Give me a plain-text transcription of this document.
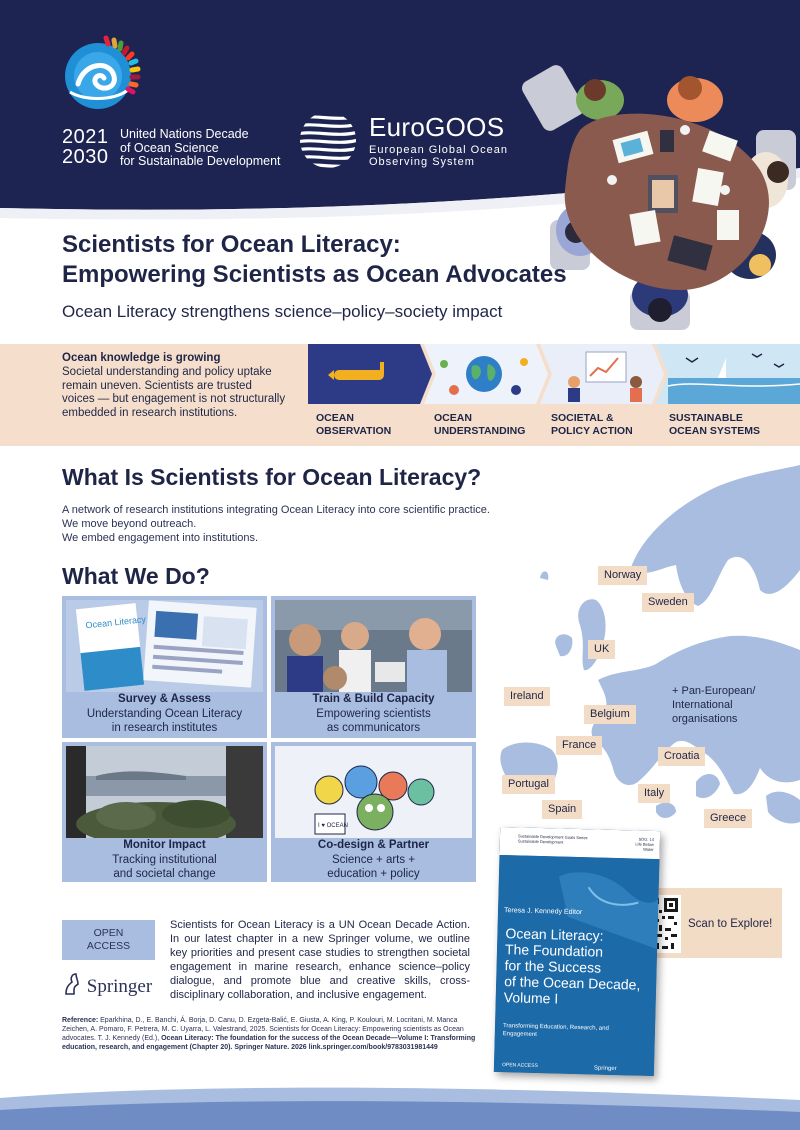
2021
2030
United Nations Decade
of Ocean Science
for Sustainable Development
EuroGOOS
European Global Ocean
Observing System
Scientists for Ocean Literacy:
Empowering Scientists as Ocean Advocates
Ocean Literacy strengthens science–policy–society impact
Ocean knowledge is growing
Societal understanding and policy uptake remain uneven. Scientists are trusted voices — but engagement is not structurally embedded in research institutions.	OCEAN
OBSERVATION
OCEAN
UNDERSTANDING
SOCIETAL &
POLICY ACTION
SUSTAINABLE
OCEAN SYSTEMS
Norway
Sweden
UK
Ireland
Belgium
France
Croatia
Portugal
Italy
Spain
Greece
+ Pan-European/
International
organisations
What Is Scientists for Ocean Literacy?
A network of research institutions integrating Ocean Literacy into core scientific practice.
We move beyond outreach.
We embed engagement into institutions.
What We Do?
Ocean Literacy
Survey & Assess
Understanding Ocean Literacy
in research institutes
Train & Build Capacity
Empowering scientists
as communicators
Monitor Impact
Tracking institutional
and societal change
I ♥ OCEAN
Co-design & Partner
Science + arts +
education + policy
OPEN
ACCESS
Springer
Scientists for Ocean Literacy is a UN Ocean Decade Action. In our latest chapter in a new Springer volume, we outline key priorities and present case studies to strengthen societal engagement in marine research, enhance science–policy dialogue, and promote blue and creative skills, cross-disciplinary collaboration, and inclusive engagement.
Reference: Eparkhina, D., E. Banchi, Á. Borja, D. Canu, D. Ezgeta-Balić, E. Giusta, A. King, P. Koulouri, M. Locritani, M. Manca Zeichen, A. Pomaro, F. Petrera, M. C. Uyarra, L. Valestrand, 2025. Scientists for Ocean Literacy: Empowering scientists as Ocean advocates. T. J. Kennedy (Ed.), Ocean Literacy: The foundation for the success of the Ocean Decade—Volume I: Transforming education, research, and engagement (Chapter 20). Springer Nature. 2026 link.springer.com/book/9783031981449
Scan to Explore!
Sustainable Development Goals Series
Sustainable Development	SDG: 14
Life Below Water
Teresa J. Kennedy Editor
Ocean Literacy:
The Foundation
for the Success
of the Ocean Decade,
Volume I
Transforming Education, Research, and Engagement
OPEN ACCESS	Springer
